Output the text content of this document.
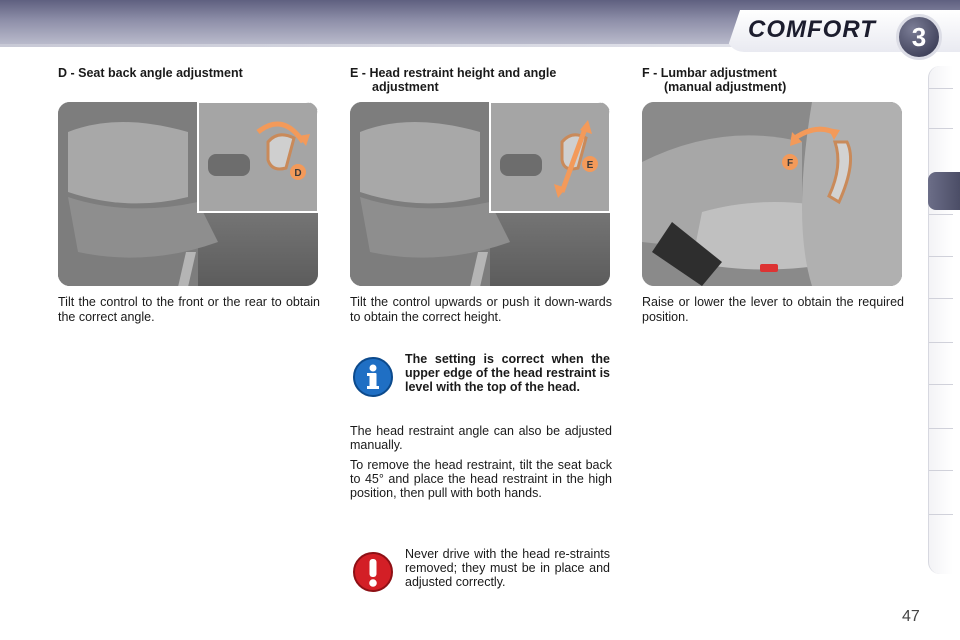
COMFORT	3

D - Seat back angle adjustment

D

Tilt the control to the front or the rear to obtain the correct angle.

E - Head restraint height and angle
adjustment

E

Tilt the control upwards or push it down-wards to obtain the correct height.

F - Lumbar adjustment
(manual adjustment)

F

Raise or lower the lever to obtain the required position.

The setting is correct when the upper edge of the head restraint is level with the top of the head.

The head restraint angle can also be adjusted manually.

To remove the head restraint, tilt the seat back to 45° and place the head restraint in the high position, then pull with both hands.

Never drive with the head re-straints removed; they must be in place and adjusted correctly.
47
